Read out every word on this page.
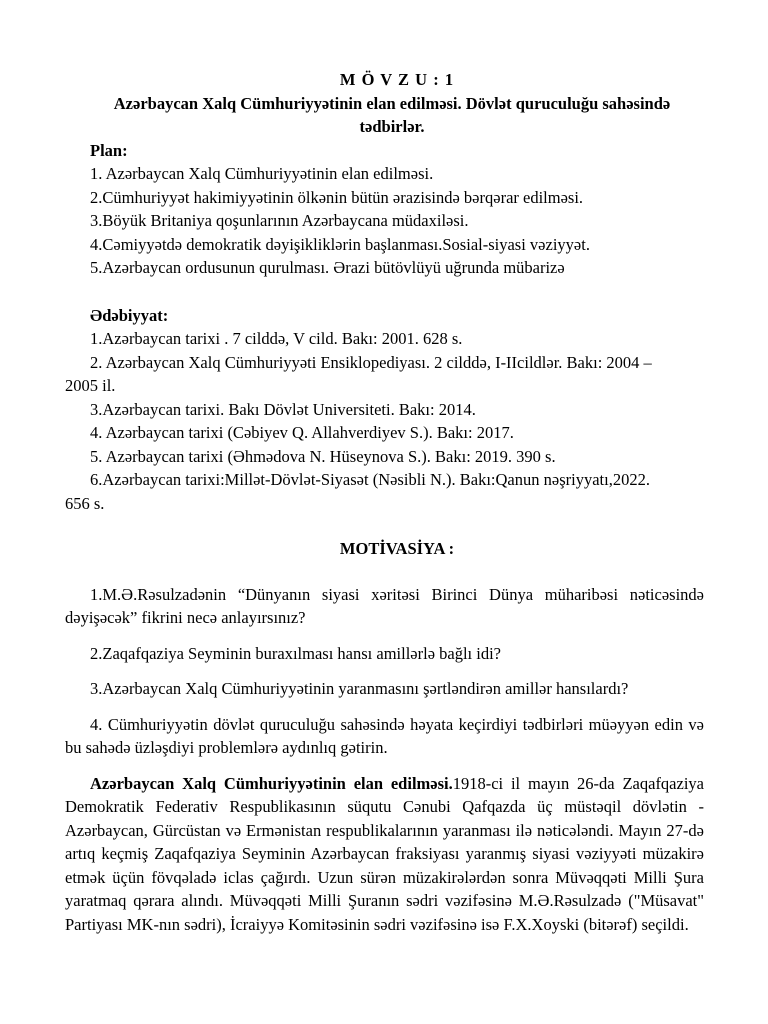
M Ö V Z U : 1

Azərbaycan Xalq Cümhuriyyətinin elan edilməsi. Dövlət quruculuğu sahəsində

tədbirlər.

Plan:

1. Azərbaycan Xalq Cümhuriyyətinin elan edilməsi.

2.Cümhuriyyət hakimiyyətinin ölkənin bütün ərazisində bərqərar edilməsi.

3.Böyük Britaniya qoşunlarının Azərbaycana müdaxiləsi.

4.Cəmiyyətdə demokratik dəyişikliklərin başlanması.Sosial-siyasi vəziyyət.

5.Azərbaycan ordusunun qurulması. Ərazi bütövlüyü uğrunda mübarizə

Ədəbiyyat:

1.Azərbaycan tarixi . 7 cilddə, V cild. Bakı: 2001. 628 s.

2. Azərbaycan Xalq Cümhuriyyəti Ensiklopediyası. 2 cilddə, I-IIcildlər. Bakı: 2004 –

2005 il.

3.Azərbaycan tarixi. Bakı Dövlət Universiteti. Bakı: 2014.

4. Azərbaycan tarixi (Cəbiyev Q. Allahverdiyev S.). Bakı: 2017.

5. Azərbaycan tarixi (Əhmədova N. Hüseynova S.). Bakı: 2019. 390 s.

6.Azərbaycan tarixi:Millət-Dövlət-Siyasət (Nəsibli N.). Bakı:Qanun nəşriyyatı,2022.

656 s.

MOTİVASİYA :

1.M.Ə.Rəsulzadənin “Dünyanın siyasi xəritəsi Birinci Dünya müharibəsi nəticəsində dəyişəcək” fikrini necə anlayırsınız?

2.Zaqafqaziya Seyminin buraxılması hansı amillərlə bağlı idi?

3.Azərbaycan Xalq Cümhuriyyətinin yaranmasını şərtləndirən amillər hansılardı?

4. Cümhuriyyətin dövlət quruculuğu sahəsində həyata keçirdiyi tədbirləri müəyyən edin və bu sahədə üzləşdiyi problemlərə aydınlıq gətirin.

Azərbaycan Xalq Cümhuriyyətinin elan edilməsi.1918-ci il mayın 26-da Zaqafqaziya Demokratik Federativ Respublikasının süqutu Cənubi Qafqazda üç müstəqil dövlətin - Azərbaycan, Gürcüstan və Ermənistan respublikalarının yaranması ilə nəticələndi. Mayın 27-də artıq keçmiş Zaqafqaziya Seyminin Azərbaycan fraksiyası yaranmış siyasi vəziyyəti müzakirə etmək üçün fövqəladə iclas çağırdı. Uzun sürən müzakirələrdən sonra Müvəqqəti Milli Şura yaratmaq qərara alındı. Müvəqqəti Milli Şuranın sədri vəzifəsinə M.Ə.Rəsulzadə ("Müsavat" Partiyası MK-nın sədri), İcraiyyə Komitəsinin sədri vəzifəsinə isə F.X.Xoyski (bitərəf) seçildi.
